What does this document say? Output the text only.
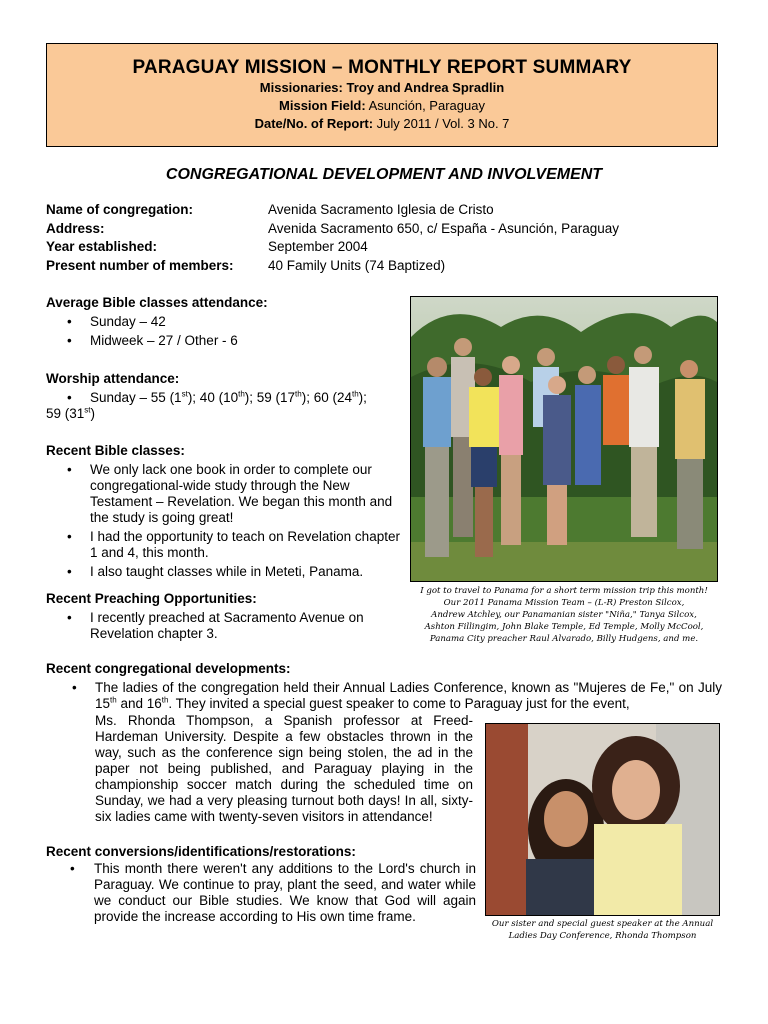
PARAGUAY MISSION – MONTHLY REPORT SUMMARY
Missionaries: Troy and Andrea Spradlin
Mission Field: Asunción, Paraguay
Date/No. of Report: July 2011 / Vol. 3 No. 7
CONGREGATIONAL DEVELOPMENT AND INVOLVEMENT
Name of congregation:	Avenida Sacramento Iglesia de Cristo
Address:	Avenida Sacramento 650, c/ España - Asunción, Paraguay
Year established:	September 2004
Present number of members:	40 Family Units (74 Baptized)
Average Bible classes attendance:
• Sunday – 42
• Midweek – 27 / Other - 6
Worship attendance:
• Sunday – 55 (1st); 40 (10th); 59 (17th); 60 (24th);
59 (31st)
Recent Bible classes:
• We only lack one book in order to complete our congregational-wide study through the New Testament – Revelation. We began this month and the study is going great!
• I had the opportunity to teach on Revelation chapter 1 and 4, this month.
• I also taught classes while in Meteti, Panama.
Recent Preaching Opportunities:
• I recently preached at Sacramento Avenue on Revelation chapter 3.
I got to travel to Panama for a short term mission trip this month!
Our 2011 Panama Mission Team – (L-R) Preston Silcox,
Andrew Atchley, our Panamanian sister "Niña," Tanya Silcox,
Ashton Fillingim, John Blake Temple, Ed Temple, Molly McCool,
Panama City preacher Raul Alvarado, Billy Hudgens, and me.
Recent congregational developments:
• The ladies of the congregation held their Annual Ladies Conference, known as "Mujeres de Fe," on July 15th and 16th. They invited a special guest speaker to come to Paraguay just for the event,
Ms. Rhonda Thompson, a Spanish professor at Freed-Hardeman University. Despite a few obstacles thrown in the way, such as the conference sign being stolen, the ad in the paper not being published, and Paraguay playing in the championship soccer match during the scheduled time on Sunday, we had a very pleasing turnout both days! In all, sixty-six ladies came with twenty-seven visitors in attendance!
Our sister and special guest speaker at the Annual
Ladies Day Conference, Rhonda Thompson
Recent conversions/identifications/restorations:
• This month there weren't any additions to the Lord's church in Paraguay. We continue to pray, plant the seed, and water while we conduct our Bible studies. We know that God will again provide the increase according to His own time frame.
